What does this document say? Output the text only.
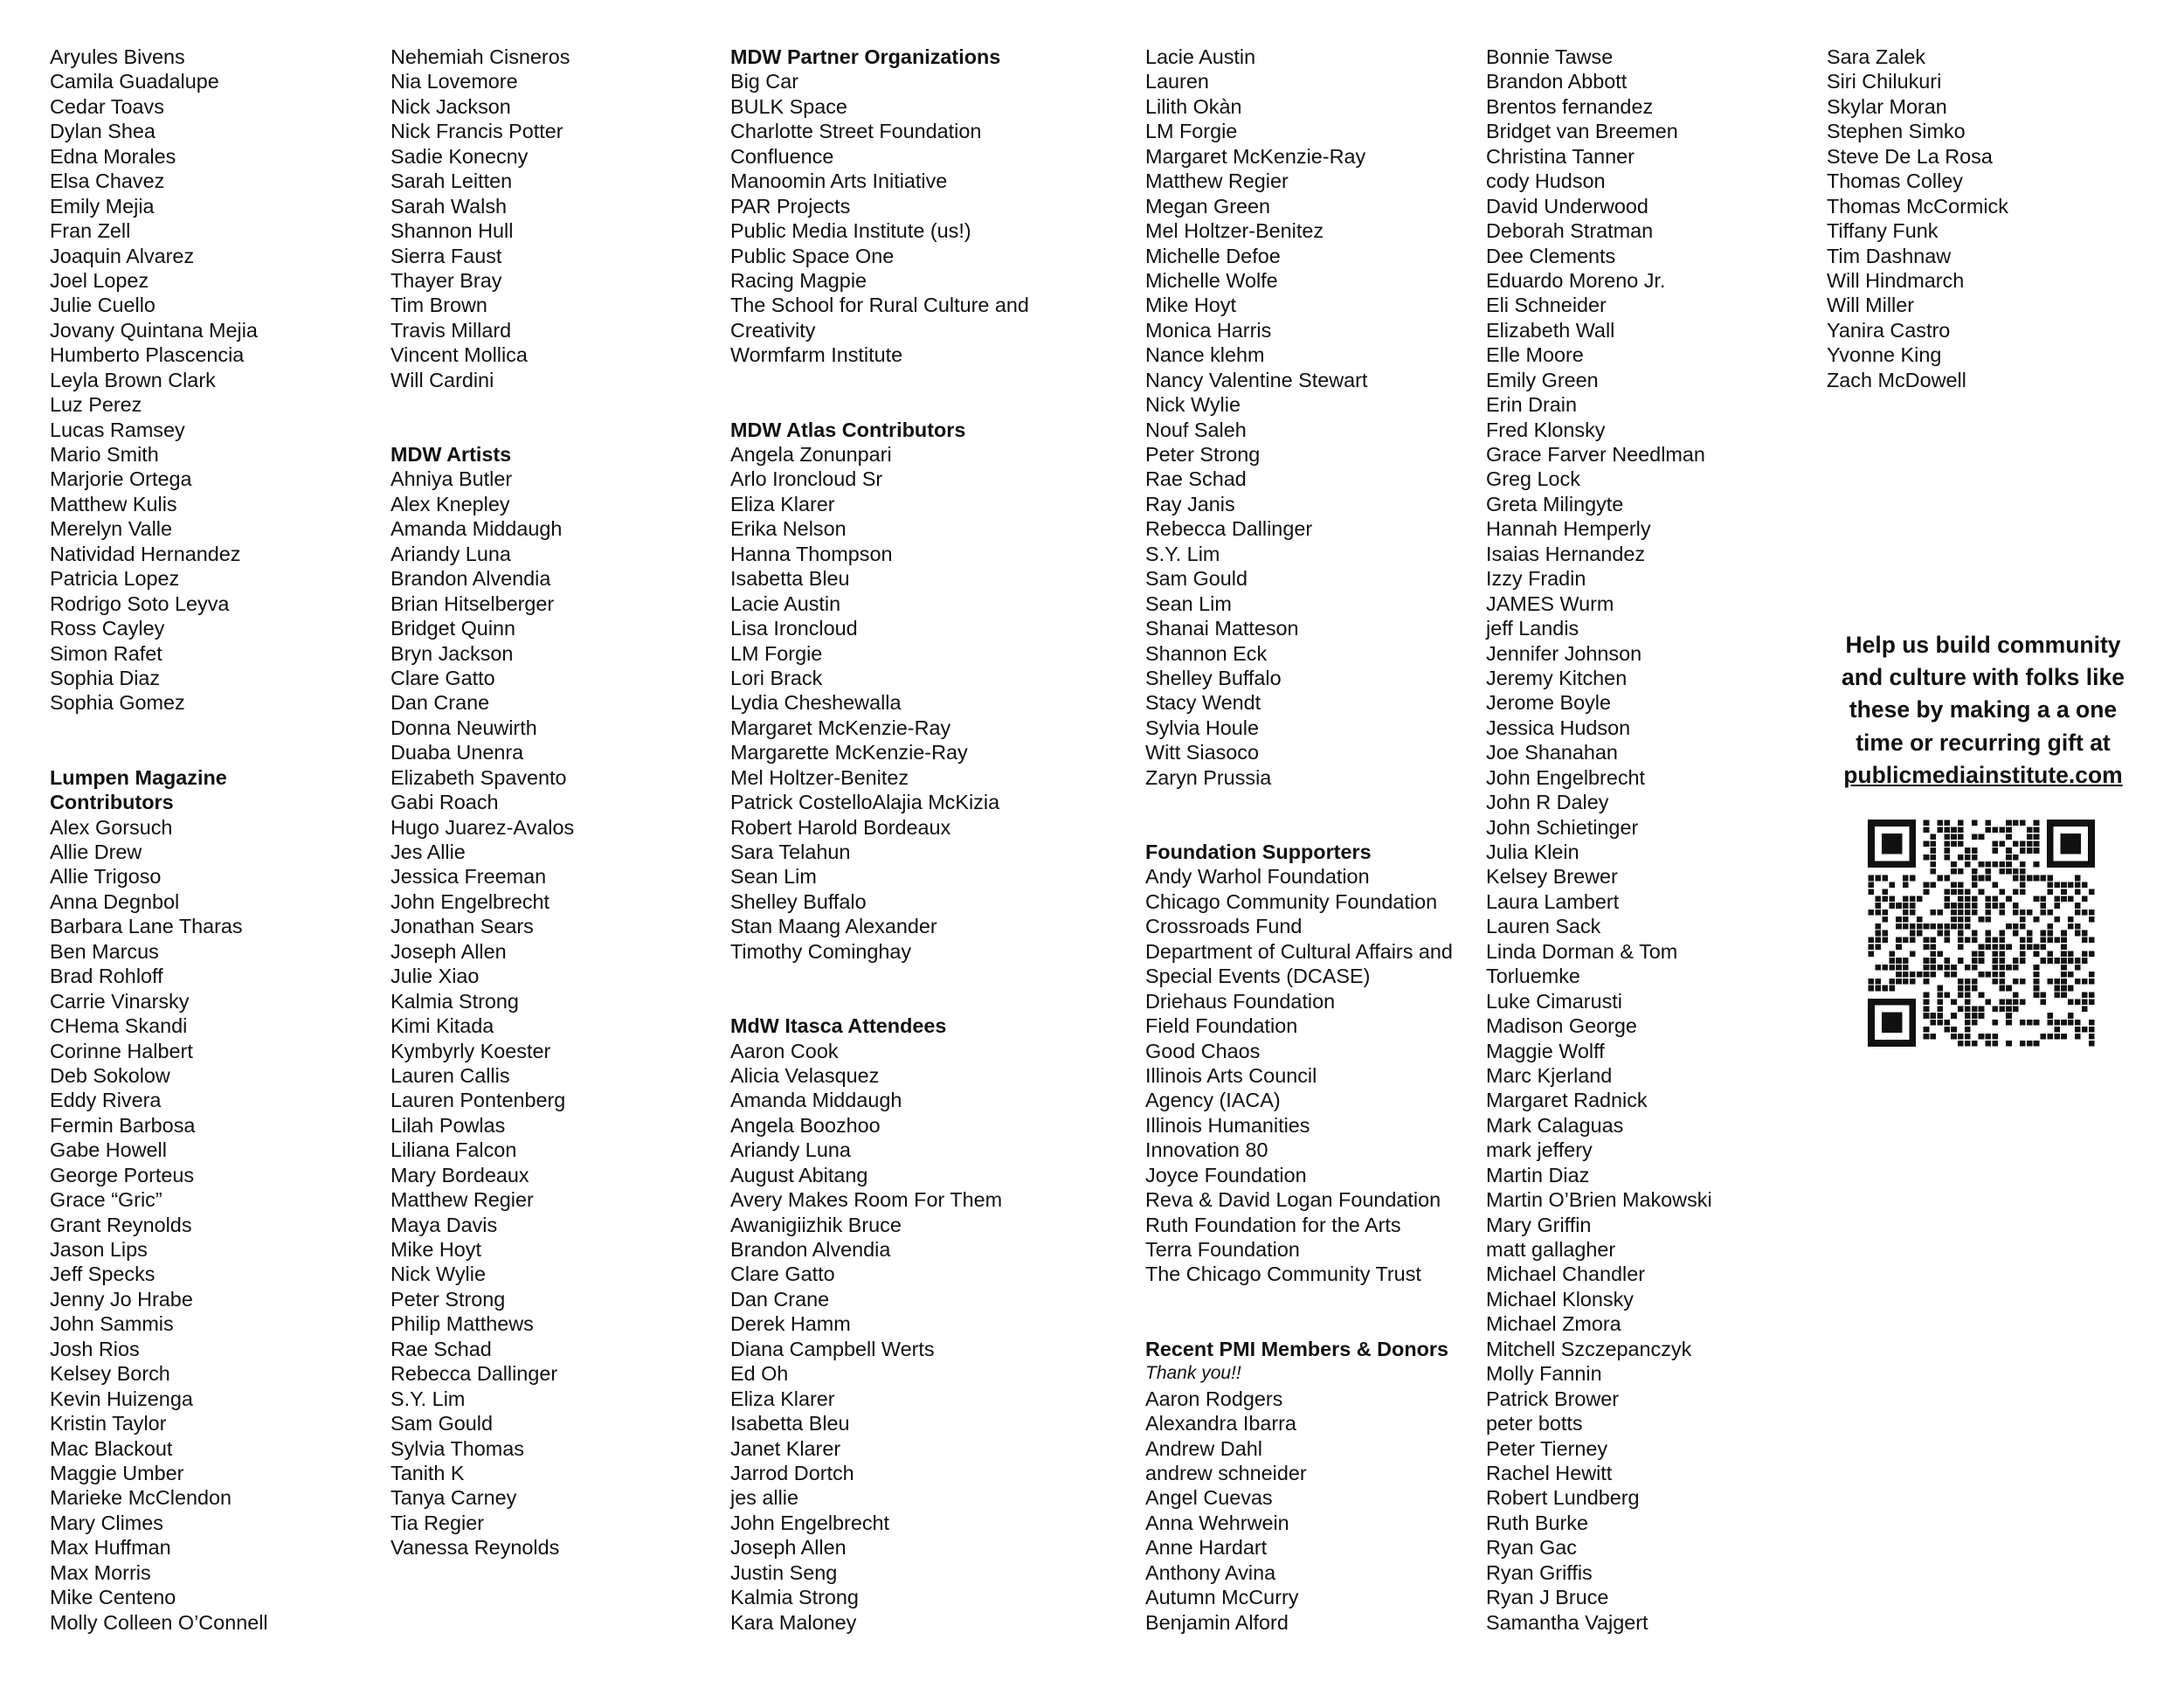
Aryules Bivens
Camila Guadalupe
Cedar Toavs
Dylan Shea
Edna Morales
Elsa Chavez
Emily Mejia
Fran Zell
Joaquin Alvarez
Joel Lopez
Julie Cuello
Jovany Quintana Mejia
Humberto Plascencia
Leyla Brown Clark
Luz Perez
Lucas Ramsey
Mario Smith
Marjorie Ortega
Matthew Kulis
Merelyn Valle
Natividad Hernandez
Patricia Lopez
Rodrigo Soto Leyva
Ross Cayley
Simon Rafet
Sophia Diaz
Sophia Gomez
Lumpen Magazine
Contributors
Alex Gorsuch
Allie Drew
Allie Trigoso
Anna Degnbol
Barbara Lane Tharas
Ben Marcus
Brad Rohloff
Carrie Vinarsky
CHema Skandi
Corinne Halbert
Deb Sokolow
Eddy Rivera
Fermin Barbosa
Gabe Howell
George Porteus
Grace “Gric”
Grant Reynolds
Jason Lips
Jeff Specks
Jenny Jo Hrabe
John Sammis
Josh Rios
Kelsey Borch
Kevin Huizenga
Kristin Taylor
Mac Blackout
Maggie Umber
Marieke McClendon
Mary Climes
Max Huffman
Max Morris
Mike Centeno
Molly Colleen O’Connell
Nehemiah Cisneros
Nia Lovemore
Nick Jackson
Nick Francis Potter
Sadie Konecny
Sarah Leitten
Sarah Walsh
Shannon Hull
Sierra Faust
Thayer Bray
Tim Brown
Travis Millard
Vincent Mollica
Will Cardini
MDW Artists
Ahniya Butler
Alex Knepley
Amanda Middaugh
Ariandy Luna
Brandon Alvendia
Brian Hitselberger
Bridget Quinn
Bryn Jackson
Clare Gatto
Dan Crane
Donna Neuwirth
Duaba Unenra
Elizabeth Spavento
Gabi Roach
Hugo Juarez-Avalos
Jes Allie
Jessica Freeman
John Engelbrecht
Jonathan Sears
Joseph Allen
Julie Xiao
Kalmia Strong
Kimi Kitada
Kymbyrly Koester
Lauren Callis
Lauren Pontenberg
Lilah Powlas
Liliana Falcon
Mary Bordeaux
Matthew Regier
Maya Davis
Mike Hoyt
Nick Wylie
Peter Strong
Philip Matthews
Rae Schad
Rebecca Dallinger
S.Y. Lim
Sam Gould
Sylvia Thomas
Tanith K
Tanya Carney
Tia Regier
Vanessa Reynolds
MDW Partner Organizations
Big Car
BULK Space
Charlotte Street Foundation
Confluence
Manoomin Arts Initiative
PAR Projects
Public Media Institute (us!)
Public Space One
Racing Magpie
The School for Rural Culture and
Creativity
Wormfarm Institute
MDW Atlas Contributors
Angela Zonunpari
Arlo Ironcloud Sr
Eliza Klarer
Erika Nelson
Hanna Thompson
Isabetta Bleu
Lacie Austin
Lisa Ironcloud
LM Forgie
Lori Brack
Lydia Cheshewalla
Margaret McKenzie-Ray
Margarette McKenzie-Ray
Mel Holtzer-Benitez
Patrick CostelloAlajia McKizia
Robert Harold Bordeaux
Sara Telahun
Sean Lim
Shelley Buffalo
Stan Maang Alexander
Timothy Cominghay
MdW Itasca Attendees
Aaron Cook
Alicia Velasquez
Amanda Middaugh
Angela Boozhoo
Ariandy Luna
August Abitang
Avery Makes Room For Them
Awanigiizhik Bruce
Brandon Alvendia
Clare Gatto
Dan Crane
Derek Hamm
Diana Campbell Werts
Ed Oh
Eliza Klarer
Isabetta Bleu
Janet Klarer
Jarrod Dortch
jes allie
John Engelbrecht
Joseph Allen
Justin Seng
Kalmia Strong
Kara Maloney
Lacie Austin
Lauren
Lilith Okàn
LM Forgie
Margaret McKenzie-Ray
Matthew Regier
Megan Green
Mel Holtzer-Benitez
Michelle Defoe
Michelle Wolfe
Mike Hoyt
Monica Harris
Nance klehm
Nancy Valentine Stewart
Nick Wylie
Nouf Saleh
Peter Strong
Rae Schad
Ray Janis
Rebecca Dallinger
S.Y. Lim
Sam Gould
Sean Lim
Shanai Matteson
Shannon Eck
Shelley Buffalo
Stacy Wendt
Sylvia Houle
Witt Siasoco
Zaryn Prussia
Foundation Supporters
Andy Warhol Foundation
Chicago Community Foundation
Crossroads Fund
Department of Cultural Affairs and
Special Events (DCASE)
Driehaus Foundation
Field Foundation
Good Chaos
Illinois Arts Council
Agency (IACA)
Illinois Humanities
Innovation 80
Joyce Foundation
Reva & David Logan Foundation
Ruth Foundation for the Arts
Terra Foundation
The Chicago Community Trust
Recent PMI Members & Donors
Thank you!!
Aaron Rodgers
Alexandra Ibarra
Andrew Dahl
andrew schneider
Angel Cuevas
Anna Wehrwein
Anne Hardart
Anthony Avina
Autumn McCurry
Benjamin Alford
Bonnie Tawse
Brandon Abbott
Brentos fernandez
Bridget van Breemen
Christina Tanner
cody Hudson
David Underwood
Deborah Stratman
Dee Clements
Eduardo Moreno Jr.
Eli Schneider
Elizabeth Wall
Elle Moore
Emily Green
Erin Drain
Fred Klonsky
Grace Farver Needlman
Greg Lock
Greta Milingyte
Hannah Hemperly
Isaias Hernandez
Izzy Fradin
JAMES Wurm
jeff Landis
Jennifer Johnson
Jeremy Kitchen
Jerome Boyle
Jessica Hudson
Joe Shanahan
John Engelbrecht
John R Daley
John Schietinger
Julia Klein
Kelsey Brewer
Laura Lambert
Lauren Sack
Linda Dorman & Tom
Torluemke
Luke Cimarusti
Madison George
Maggie Wolff
Marc Kjerland
Margaret Radnick
Mark Calaguas
mark jeffery
Martin Diaz
Martin O’Brien Makowski
Mary Griffin
matt gallagher
Michael Chandler
Michael Klonsky
Michael Zmora
Mitchell Szczepanczyk
Molly Fannin
Patrick Brower
peter botts
Peter Tierney
Rachel Hewitt
Robert Lundberg
Ruth Burke
Ryan Gac
Ryan Griffis
Ryan J Bruce
Samantha Vajgert
Sara Zalek
Siri Chilukuri
Skylar Moran
Stephen Simko
Steve De La Rosa
Thomas Colley
Thomas McCormick
Tiffany Funk
Tim Dashnaw
Will Hindmarch
Will Miller
Yanira Castro
Yvonne King
Zach McDowell
Help us build community
and culture with folks like
these by making a a one
time or recurring gift at
publicmediainstitute.com
